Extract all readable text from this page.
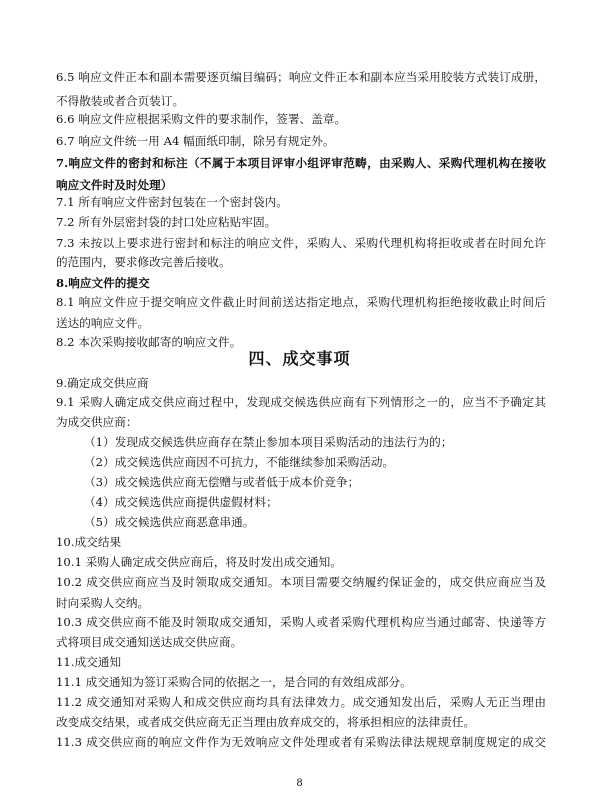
6.5 响应文件正本和副本需要逐页编目编码；响应文件正本和副本应当采用胶装方式装订成册，
不得散装或者合页装订。
6.6 响应文件应根据采购文件的要求制作，签署、盖章。
6.7 响应文件统一用 A4 幅面纸印制，除另有规定外。
7.响应文件的密封和标注（不属于本项目评审小组评审范畴，由采购人、采购代理机构在接收
响应文件时及时处理）
7.1 所有响应文件密封包装在一个密封袋内。
7.2 所有外层密封袋的封口处应粘贴牢固。
7.3 未按以上要求进行密封和标注的响应文件，采购人、采购代理机构将拒收或者在时间允许
的范围内，要求修改完善后接收。
8.响应文件的提交
8.1 响应文件应于提交响应文件截止时间前送达指定地点，采购代理机构拒绝接收截止时间后
送达的响应文件。
8.2 本次采购接收邮寄的响应文件。
四、成交事项
9.确定成交供应商
9.1 采购人确定成交供应商过程中，发现成交候选供应商有下列情形之一的，应当不予确定其
为成交供应商：
（1）发现成交候选供应商存在禁止参加本项目采购活动的违法行为的；
（2）成交候选供应商因不可抗力，不能继续参加采购活动。
（3）成交候选供应商无偿赠与或者低于成本价竞争；
（4）成交候选供应商提供虚假材料；
（5）成交候选供应商恶意串通。
10.成交结果
10.1 采购人确定成交供应商后，将及时发出成交通知。
10.2 成交供应商应当及时领取成交通知。本项目需要交纳履约保证金的，成交供应商应当及
时向采购人交纳。
10.3 成交供应商不能及时领取成交通知，采购人或者采购代理机构应当通过邮寄、快递等方
式将项目成交通知送达成交供应商。
11.成交通知
11.1 成交通知为签订采购合同的依据之一，是合同的有效组成部分。
11.2 成交通知对采购人和成交供应商均具有法律效力。成交通知发出后，采购人无正当理由
改变成交结果，或者成交供应商无正当理由放弃成交的，将承担相应的法律责任。
11.3 成交供应商的响应文件作为无效响应文件处理或者有采购法律法规规章制度规定的成交
8
